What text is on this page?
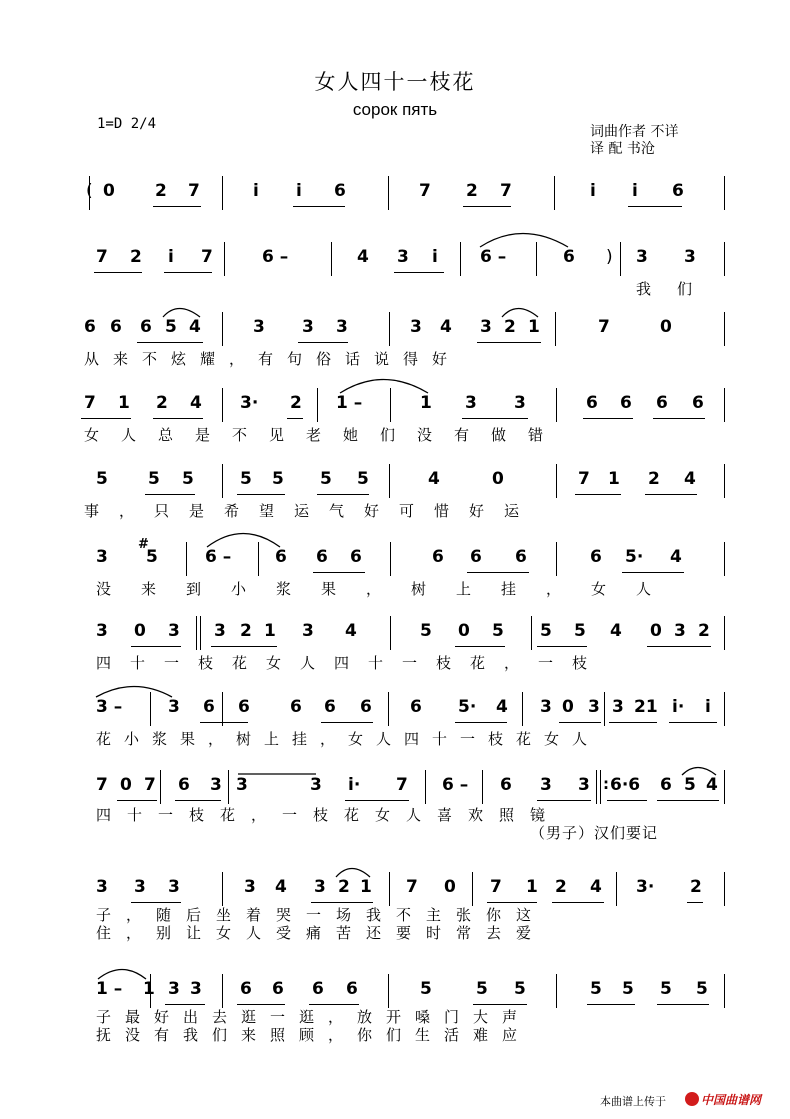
女人四十一枝花
сорок пять
1=D 2/4	词曲作者 不详
译 配 书沧
( 0 2 7	i i 6	7 2 7	i i 6
7 2 i 7	6 –	4 3 i 6 –	6 ) 3 3
我们
6 6 6 5 4	3 3 3	3 4 3 2 1	7	0
从来不炫耀，有句俗话说得好
7 1 2 4 3· 2 1 –	1 3 3	6 6 6 6
女人总是不见老她们没有做错
5 5 5	5 5 5 5	4	0	7 1 2 4
事，只是希望运气好可惜好运
3
#
5	6 –	6 6 6	6 6 6	6 5· 4
没来到小浆果，树上挂，女人
3 0 3 3 2 1 3 4	5 0 5 5 5 4 0 3 2
四十一枝花女人四十一枝花，一枝
3 –	3 6 6 6 6 6 6 5· 4 3 0 3 3 21 i· i
花小浆果，树上挂，女人四十一枝花女人
7 0 7 6 3 3	3 i· 7 6 – 6 3 3 : 6·6 6 5 4
四十一枝花，一枝花女人喜欢照镜
（男子）汉们要记
3 3 3	3 4 3 2 1 7 0 7 1 2 4 3· 2
子，随后坐着哭一场我不主张你这
住，别让女人受痛苦还要时常去爱
1 – 1 3 3 6 6 6 6	5	5 5	5 5 5 5
子最好出去逛一逛，放开嗓门大声
抚没有我们来照顾，你们生活难应
本曲谱上传于	中国曲谱网
